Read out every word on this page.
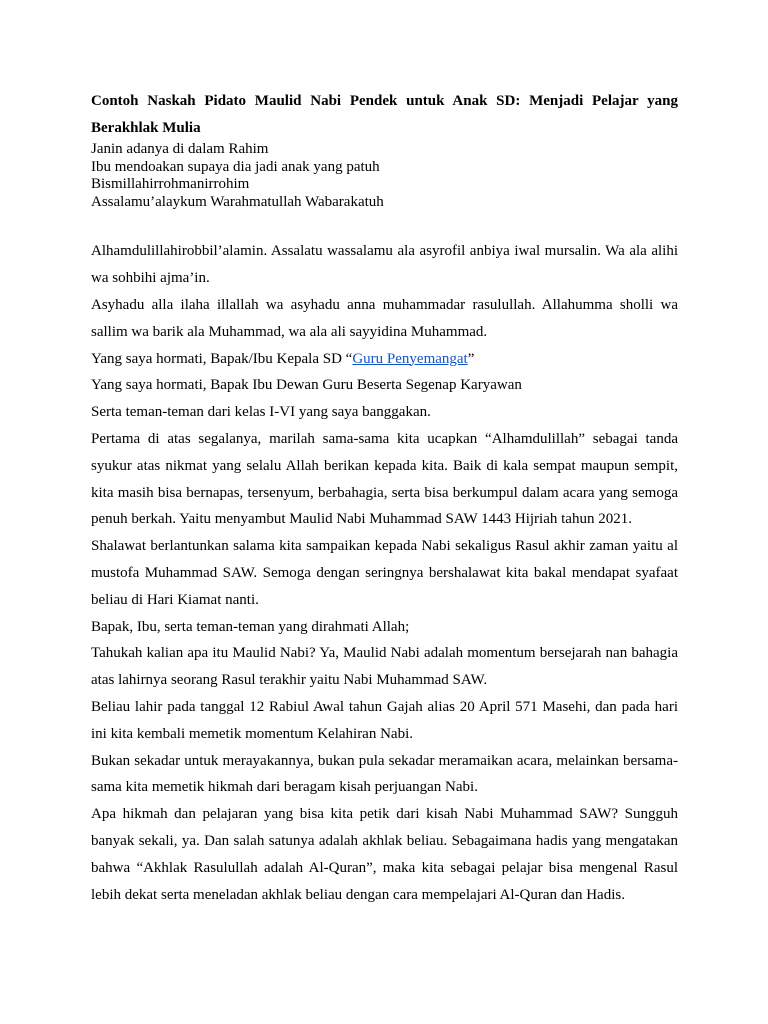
Contoh Naskah Pidato Maulid Nabi Pendek untuk Anak SD: Menjadi Pelajar yang Berakhlak Mulia

Janin adanya di dalam Rahim
Ibu mendoakan supaya dia jadi anak yang patuh
Bismillahirrohmanirrohim
Assalamu’alaykum Warahmatullah Wabarakatuh

Alhamdulillahirobbil’alamin. Assalatu wassalamu ala asyrofil anbiya iwal mursalin. Wa ala alihi wa sohbihi ajma’in.

Asyhadu alla ilaha illallah wa asyhadu anna muhammadar rasulullah. Allahumma sholli wa sallim wa barik ala Muhammad, wa ala ali sayyidina Muhammad.

Yang saya hormati, Bapak/Ibu Kepala SD “Guru Penyemangat”

Yang saya hormati, Bapak Ibu Dewan Guru Beserta Segenap Karyawan

Serta teman-teman dari kelas I-VI yang saya banggakan.

Pertama di atas segalanya, marilah sama-sama kita ucapkan “Alhamdulillah” sebagai tanda syukur atas nikmat yang selalu Allah berikan kepada kita. Baik di kala sempat maupun sempit, kita masih bisa bernapas, tersenyum, berbahagia, serta bisa berkumpul dalam acara yang semoga penuh berkah. Yaitu menyambut Maulid Nabi Muhammad SAW 1443 Hijriah tahun 2021.

Shalawat berlantunkan salama kita sampaikan kepada Nabi sekaligus Rasul akhir zaman yaitu al mustofa Muhammad SAW. Semoga dengan seringnya bershalawat kita bakal mendapat syafaat beliau di Hari Kiamat nanti.

Bapak, Ibu, serta teman-teman yang dirahmati Allah;

Tahukah kalian apa itu Maulid Nabi? Ya, Maulid Nabi adalah momentum bersejarah nan bahagia atas lahirnya seorang Rasul terakhir yaitu Nabi Muhammad SAW.

Beliau lahir pada tanggal 12 Rabiul Awal tahun Gajah alias 20 April 571 Masehi, dan pada hari ini kita kembali memetik momentum Kelahiran Nabi.

Bukan sekadar untuk merayakannya, bukan pula sekadar meramaikan acara, melainkan bersama-sama kita memetik hikmah dari beragam kisah perjuangan Nabi.

Apa hikmah dan pelajaran yang bisa kita petik dari kisah Nabi Muhammad SAW? Sungguh banyak sekali, ya. Dan salah satunya adalah akhlak beliau. Sebagaimana hadis yang mengatakan bahwa “Akhlak Rasulullah adalah Al-Quran”, maka kita sebagai pelajar bisa mengenal Rasul lebih dekat serta meneladan akhlak beliau dengan cara mempelajari Al-Quran dan Hadis.
